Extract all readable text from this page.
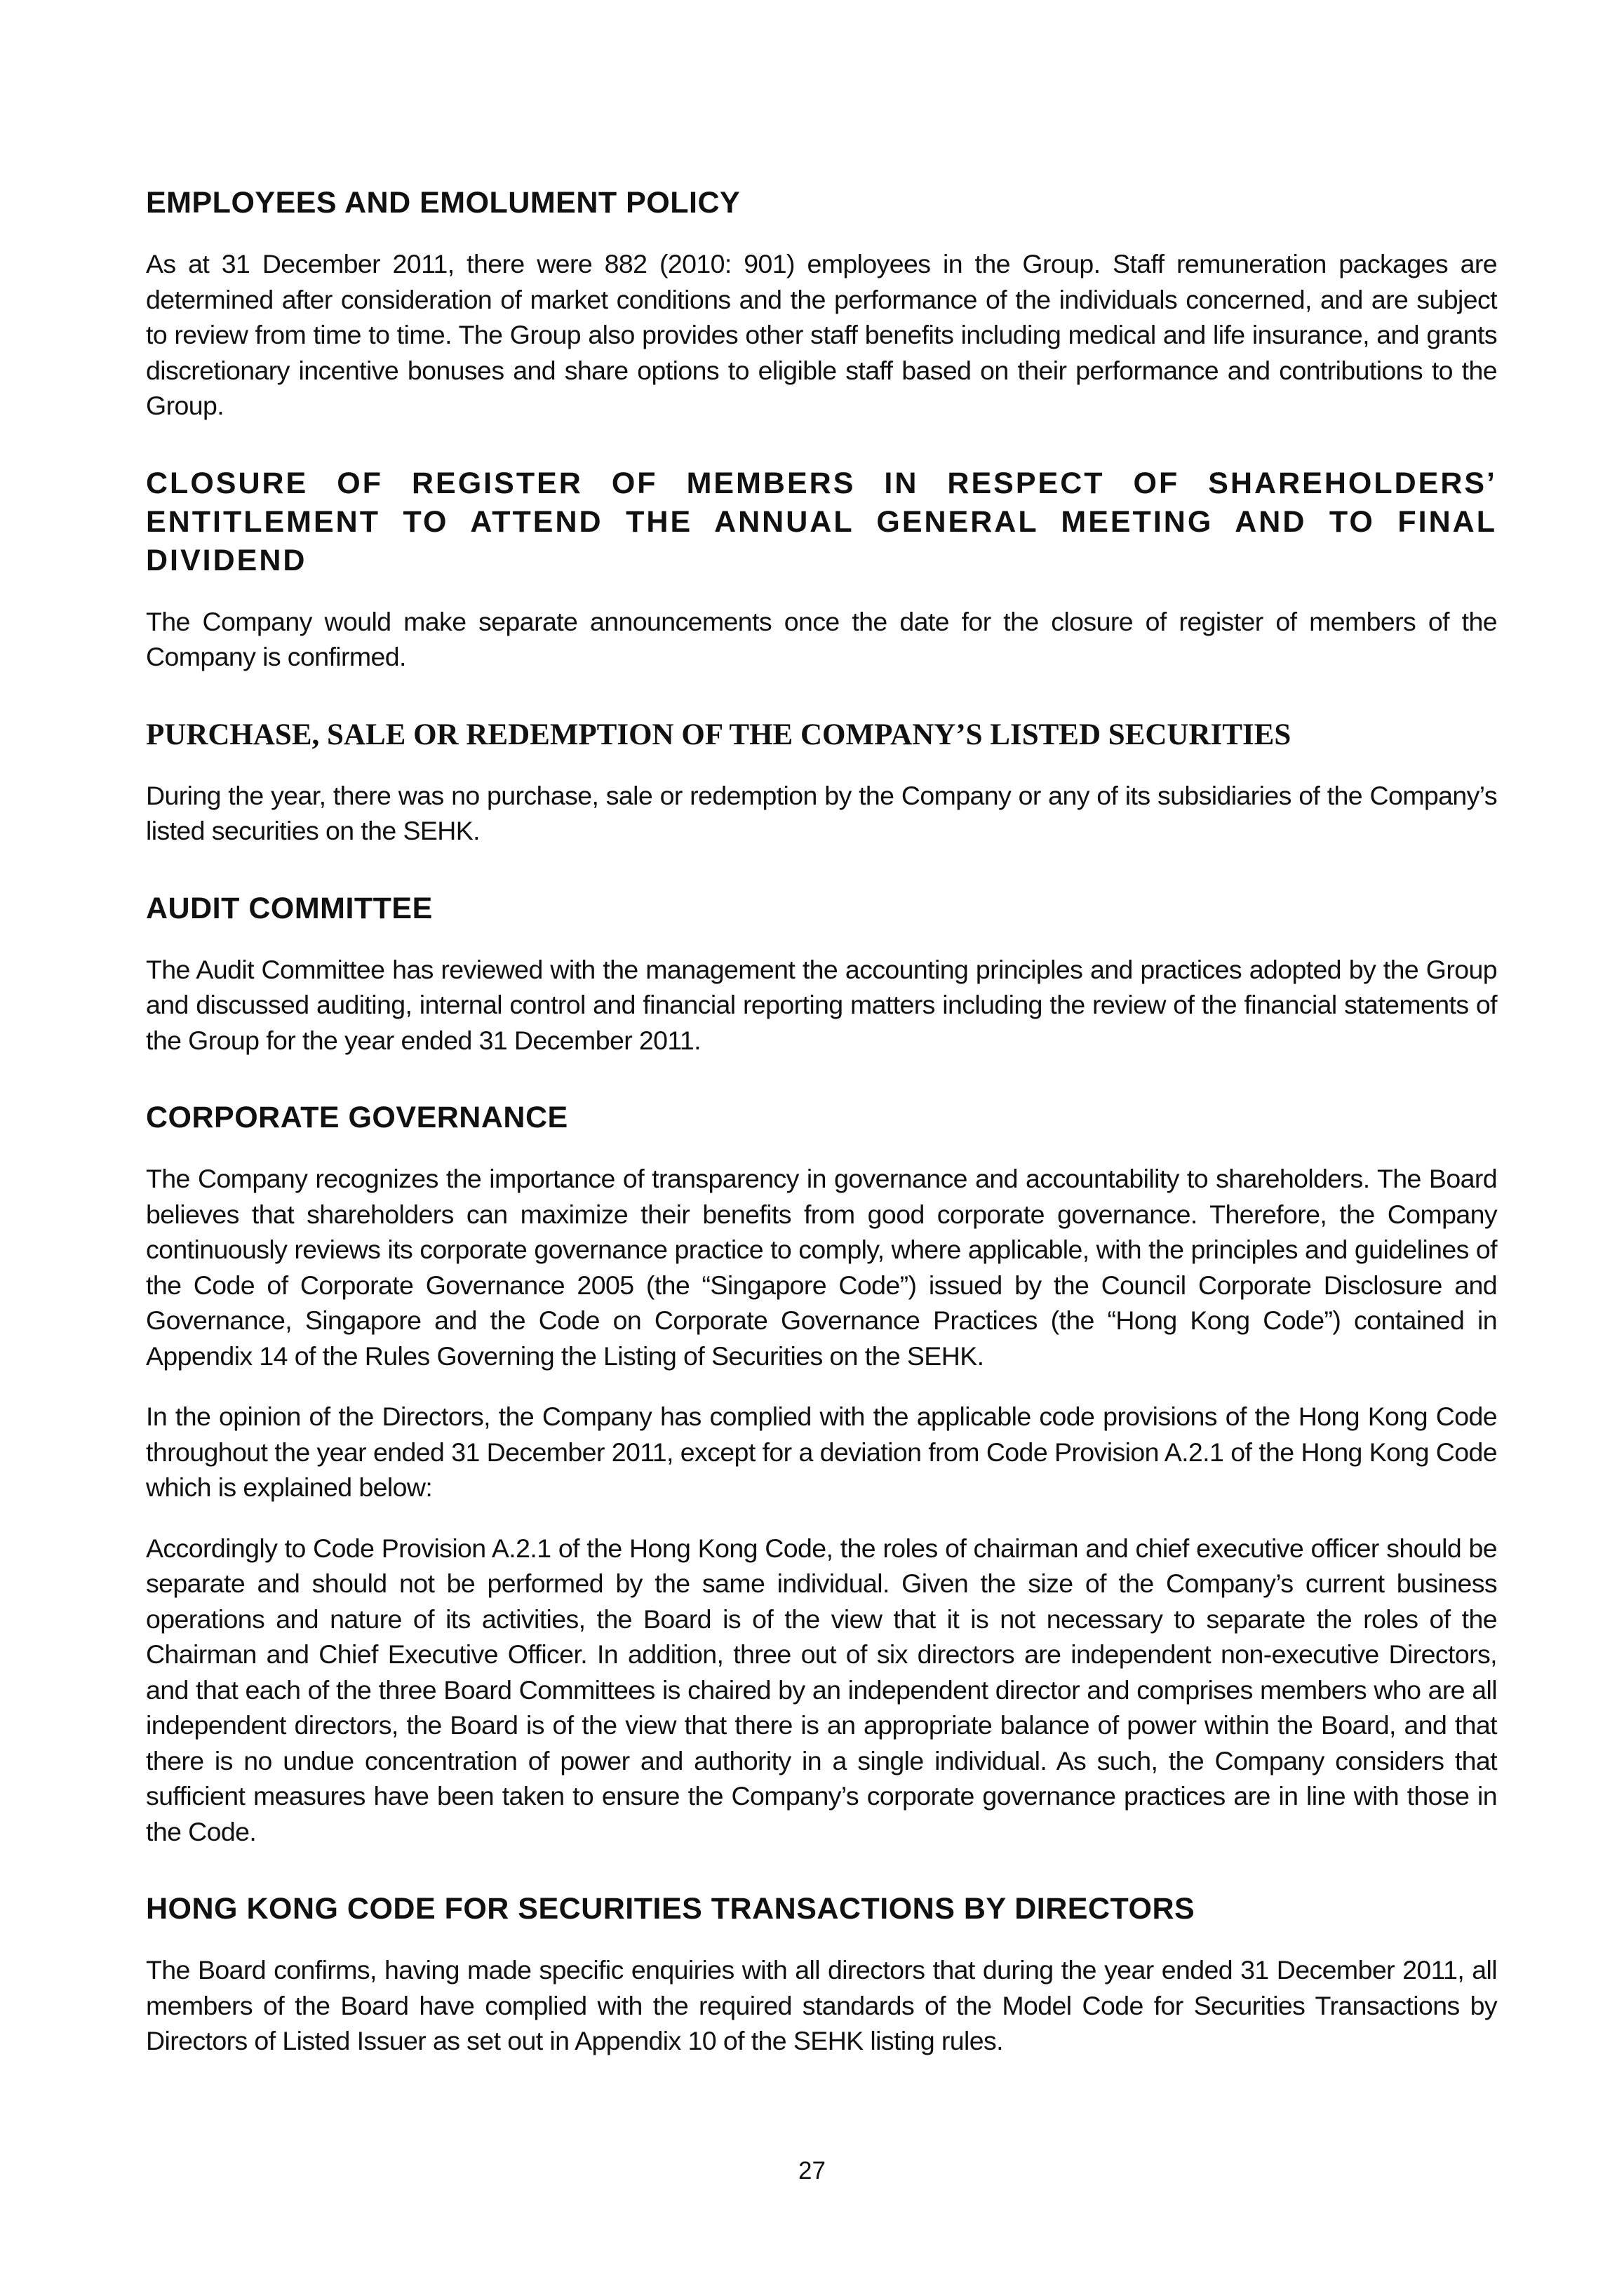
EMPLOYEES AND EMOLUMENT POLICY

As at 31 December 2011, there were 882 (2010: 901) employees in the Group. Staff remuneration packages are determined after consideration of market conditions and the performance of the individuals concerned, and are subject to review from time to time. The Group also provides other staff benefits including medical and life insurance, and grants discretionary incentive bonuses and share options to eligible staff based on their performance and contributions to the Group.

CLOSURE OF REGISTER OF MEMBERS IN RESPECT OF SHAREHOLDERS’ ENTITLEMENT TO ATTEND THE ANNUAL GENERAL MEETING AND TO FINAL DIVIDEND

The Company would make separate announcements once the date for the closure of register of members of the Company is confirmed.

PURCHASE, SALE OR REDEMPTION OF THE COMPANY’S LISTED SECURITIES

During the year, there was no purchase, sale or redemption by the Company or any of its subsidiaries of the Company’s listed securities on the SEHK.

AUDIT COMMITTEE

The Audit Committee has reviewed with the management the accounting principles and practices adopted by the Group and discussed auditing, internal control and financial reporting matters including the review of the financial statements of the Group for the year ended 31 December 2011.

CORPORATE GOVERNANCE

The Company recognizes the importance of transparency in governance and accountability to shareholders. The Board believes that shareholders can maximize their benefits from good corporate governance. Therefore, the Company continuously reviews its corporate governance practice to comply, where applicable, with the principles and guidelines of the Code of Corporate Governance 2005 (the “Singapore Code”) issued by the Council Corporate Disclosure and Governance, Singapore and the Code on Corporate Governance Practices (the “Hong Kong Code”) contained in Appendix 14 of the Rules Governing the Listing of Securities on the SEHK.

In the opinion of the Directors, the Company has complied with the applicable code provisions of the Hong Kong Code throughout the year ended 31 December 2011, except for a deviation from Code Provision A.2.1 of the Hong Kong Code which is explained below:

Accordingly to Code Provision A.2.1 of the Hong Kong Code, the roles of chairman and chief executive officer should be separate and should not be performed by the same individual. Given the size of the Company’s current business operations and nature of its activities, the Board is of the view that it is not necessary to separate the roles of the Chairman and Chief Executive Officer. In addition, three out of six directors are independent non-executive Directors, and that each of the three Board Committees is chaired by an independent director and comprises members who are all independent directors, the Board is of the view that there is an appropriate balance of power within the Board, and that there is no undue concentration of power and authority in a single individual. As such, the Company considers that sufficient measures have been taken to ensure the Company’s corporate governance practices are in line with those in the Code.

HONG KONG CODE FOR SECURITIES TRANSACTIONS BY DIRECTORS

The Board confirms, having made specific enquiries with all directors that during the year ended 31 December 2011, all members of the Board have complied with the required standards of the Model Code for Securities Transactions by Directors of Listed Issuer as set out in Appendix 10 of the SEHK listing rules.

27
